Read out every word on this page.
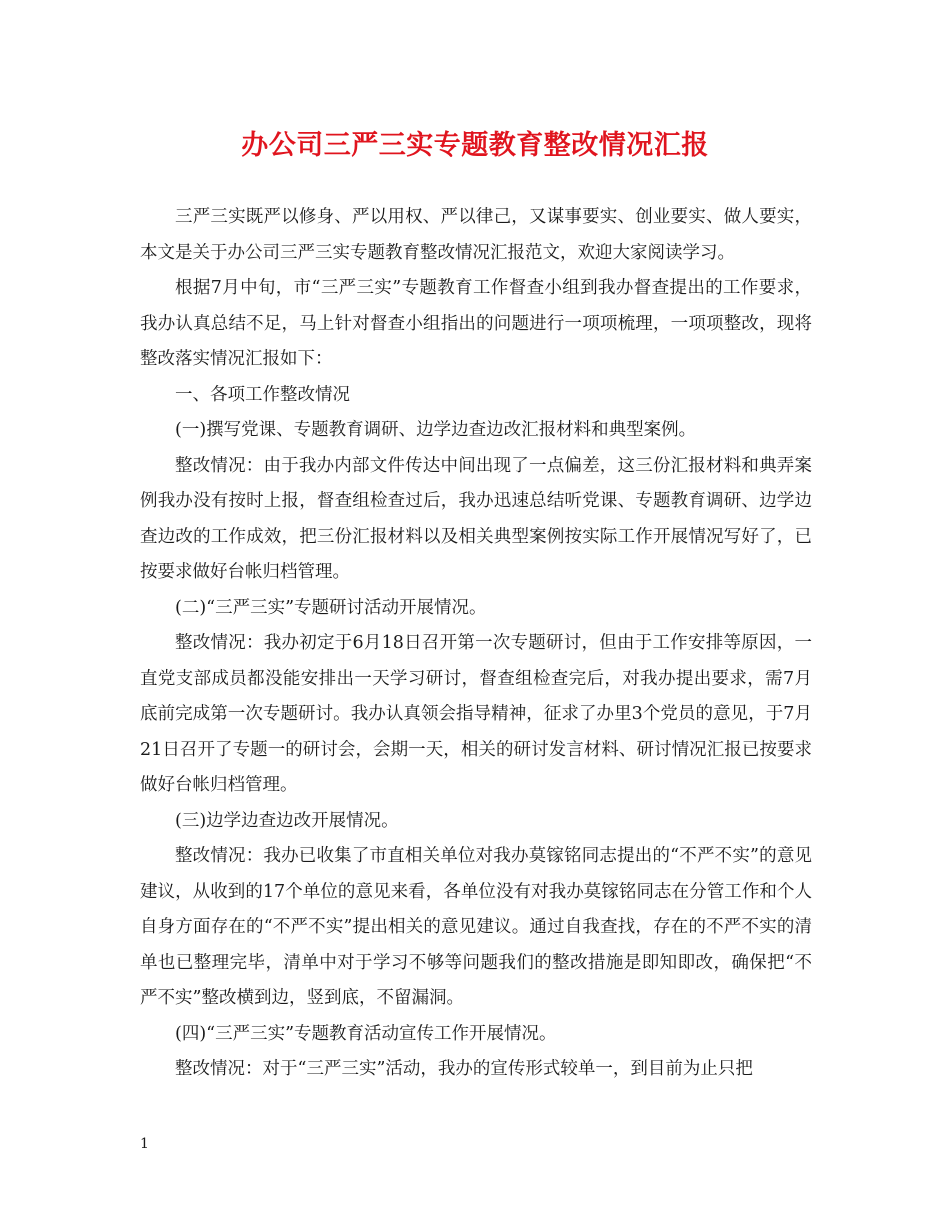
办公司三严三实专题教育整改情况汇报

三严三实既严以修身、严以用权、严以律己，又谋事要实、创业要实、做人要实，本文是关于办公司三严三实专题教育整改情况汇报范文，欢迎大家阅读学习。

根据7月中旬，市“三严三实”专题教育工作督查小组到我办督查提出的工作要求，我办认真总结不足，马上针对督查小组指出的问题进行一项项梳理，一项项整改，现将整改落实情况汇报如下：

一、各项工作整改情况

(一)撰写党课、专题教育调研、边学边查边改汇报材料和典型案例。

整改情况：由于我办内部文件传达中间出现了一点偏差，这三份汇报材料和典弄案例我办没有按时上报，督查组检查过后，我办迅速总结听党课、专题教育调研、边学边查边改的工作成效，把三份汇报材料以及相关典型案例按实际工作开展情况写好了，已按要求做好台帐归档管理。

(二)“三严三实”专题研讨活动开展情况。

整改情况：我办初定于6月18日召开第一次专题研讨，但由于工作安排等原因，一直党支部成员都没能安排出一天学习研讨，督查组检查完后，对我办提出要求，需7月底前完成第一次专题研讨。我办认真领会指导精神，征求了办里3个党员的意见，于7月21日召开了专题一的研讨会，会期一天，相关的研讨发言材料、研讨情况汇报已按要求做好台帐归档管理。

(三)边学边查边改开展情况。

整改情况：我办已收集了市直相关单位对我办莫镓铭同志提出的“不严不实”的意见建议，从收到的17个单位的意见来看，各单位没有对我办莫镓铭同志在分管工作和个人自身方面存在的“不严不实”提出相关的意见建议。通过自我查找，存在的不严不实的清单也已整理完毕，清单中对于学习不够等问题我们的整改措施是即知即改，确保把“不严不实”整改横到边，竖到底，不留漏洞。

(四)“三严三实”专题教育活动宣传工作开展情况。

整改情况：对于“三严三实”活动，我办的宣传形式较单一，到目前为止只把

1
